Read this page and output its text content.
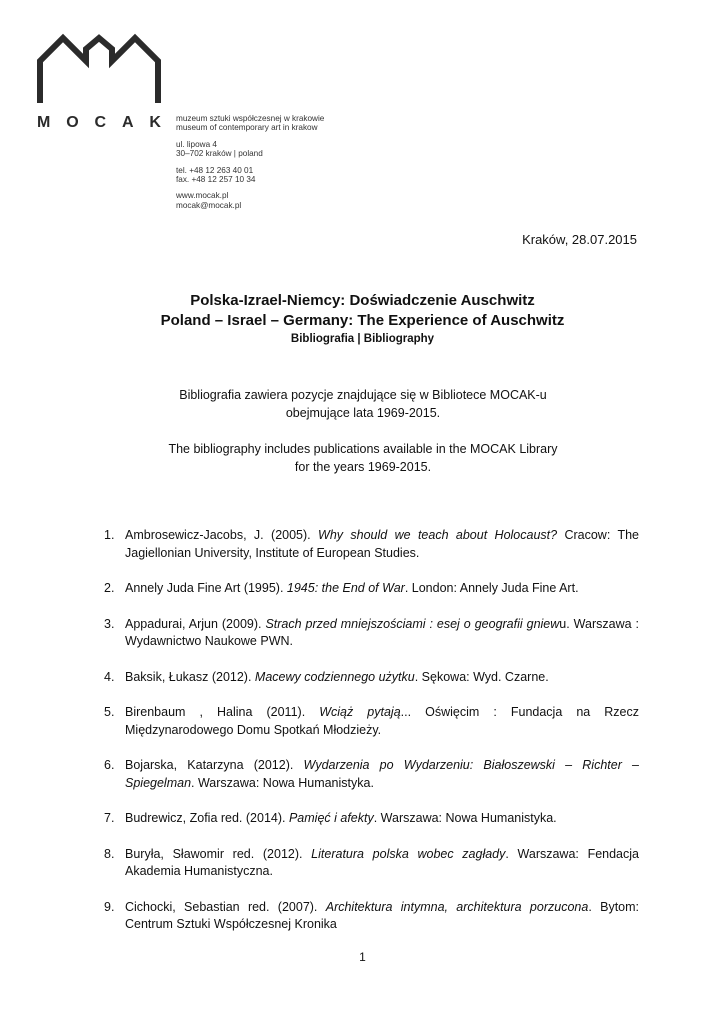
M O C A K muzeum sztuki współczesnej w krakowie
museum of contemporary art in krakow
ul. lipowa 4
30–702 kraków | poland
tel. +48 12 263 40 01
fax. +48 12 257 10 34
www.mocak.pl
mocak@mocak.pl
Kraków, 28.07.2015
Polska-Izrael-Niemcy: Doświadczenie Auschwitz
Poland – Israel – Germany: The Experience of Auschwitz
Bibliografia | Bibliography
Bibliografia zawiera pozycje znajdujące się w Bibliotece MOCAK-u
obejmujące lata 1969-2015.
The bibliography includes publications available in the MOCAK Library
for the years 1969-2015.
1. Ambrosewicz-Jacobs, J. (2005). Why should we teach about Holocaust? Cracow: The Jagiellonian University, Institute of European Studies.
2. Annely Juda Fine Art (1995). 1945: the End of War. London: Annely Juda Fine Art.
3. Appadurai, Arjun (2009). Strach przed mniejszościami : esej o geografii gniewu. Warszawa : Wydawnictwo Naukowe PWN.
4. Baksik, Łukasz (2012). Macewy codziennego użytku. Sękowa: Wyd. Czarne.
5. Birenbaum , Halina (2011). Wciąż pytają... Oświęcim : Fundacja na Rzecz Międzynarodowego Domu Spotkań Młodzieży.
6. Bojarska, Katarzyna (2012). Wydarzenia po Wydarzeniu: Białoszewski – Richter – Spiegelman. Warszawa: Nowa Humanistyka.
7. Budrewicz, Zofia red. (2014). Pamięć i afekty. Warszawa: Nowa Humanistyka.
8. Buryła, Sławomir red. (2012). Literatura polska wobec zagłady. Warszawa: Fendacja Akademia Humanistyczna.
9. Cichocki, Sebastian red. (2007). Architektura intymna, architektura porzucona. Bytom: Centrum Sztuki Współczesnej Kronika
1
